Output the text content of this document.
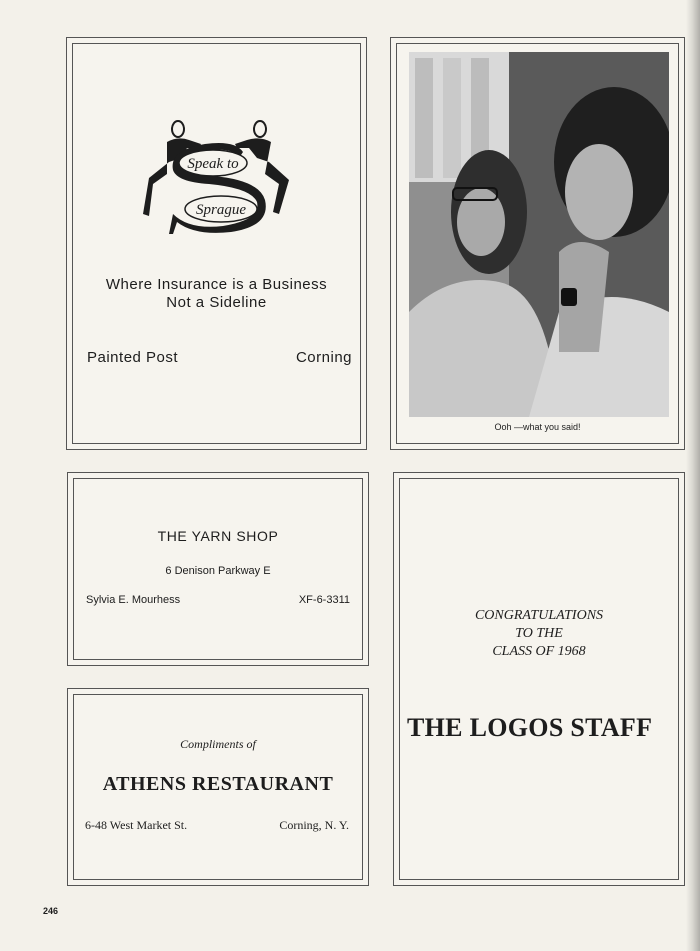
Speak to
Sprague
Where Insurance is a Business
Not a Sideline
Painted Post	Corning
Ooh —what you said!
THE YARN SHOP
6 Denison Parkway E
Sylvia E. Mourhess	XF-6-3311
Compliments of
ATHENS RESTAURANT
6-48 West Market St.	Corning, N. Y.
CONGRATULATIONS
TO THE
CLASS OF 1968
THE LOGOS STAFF
246
